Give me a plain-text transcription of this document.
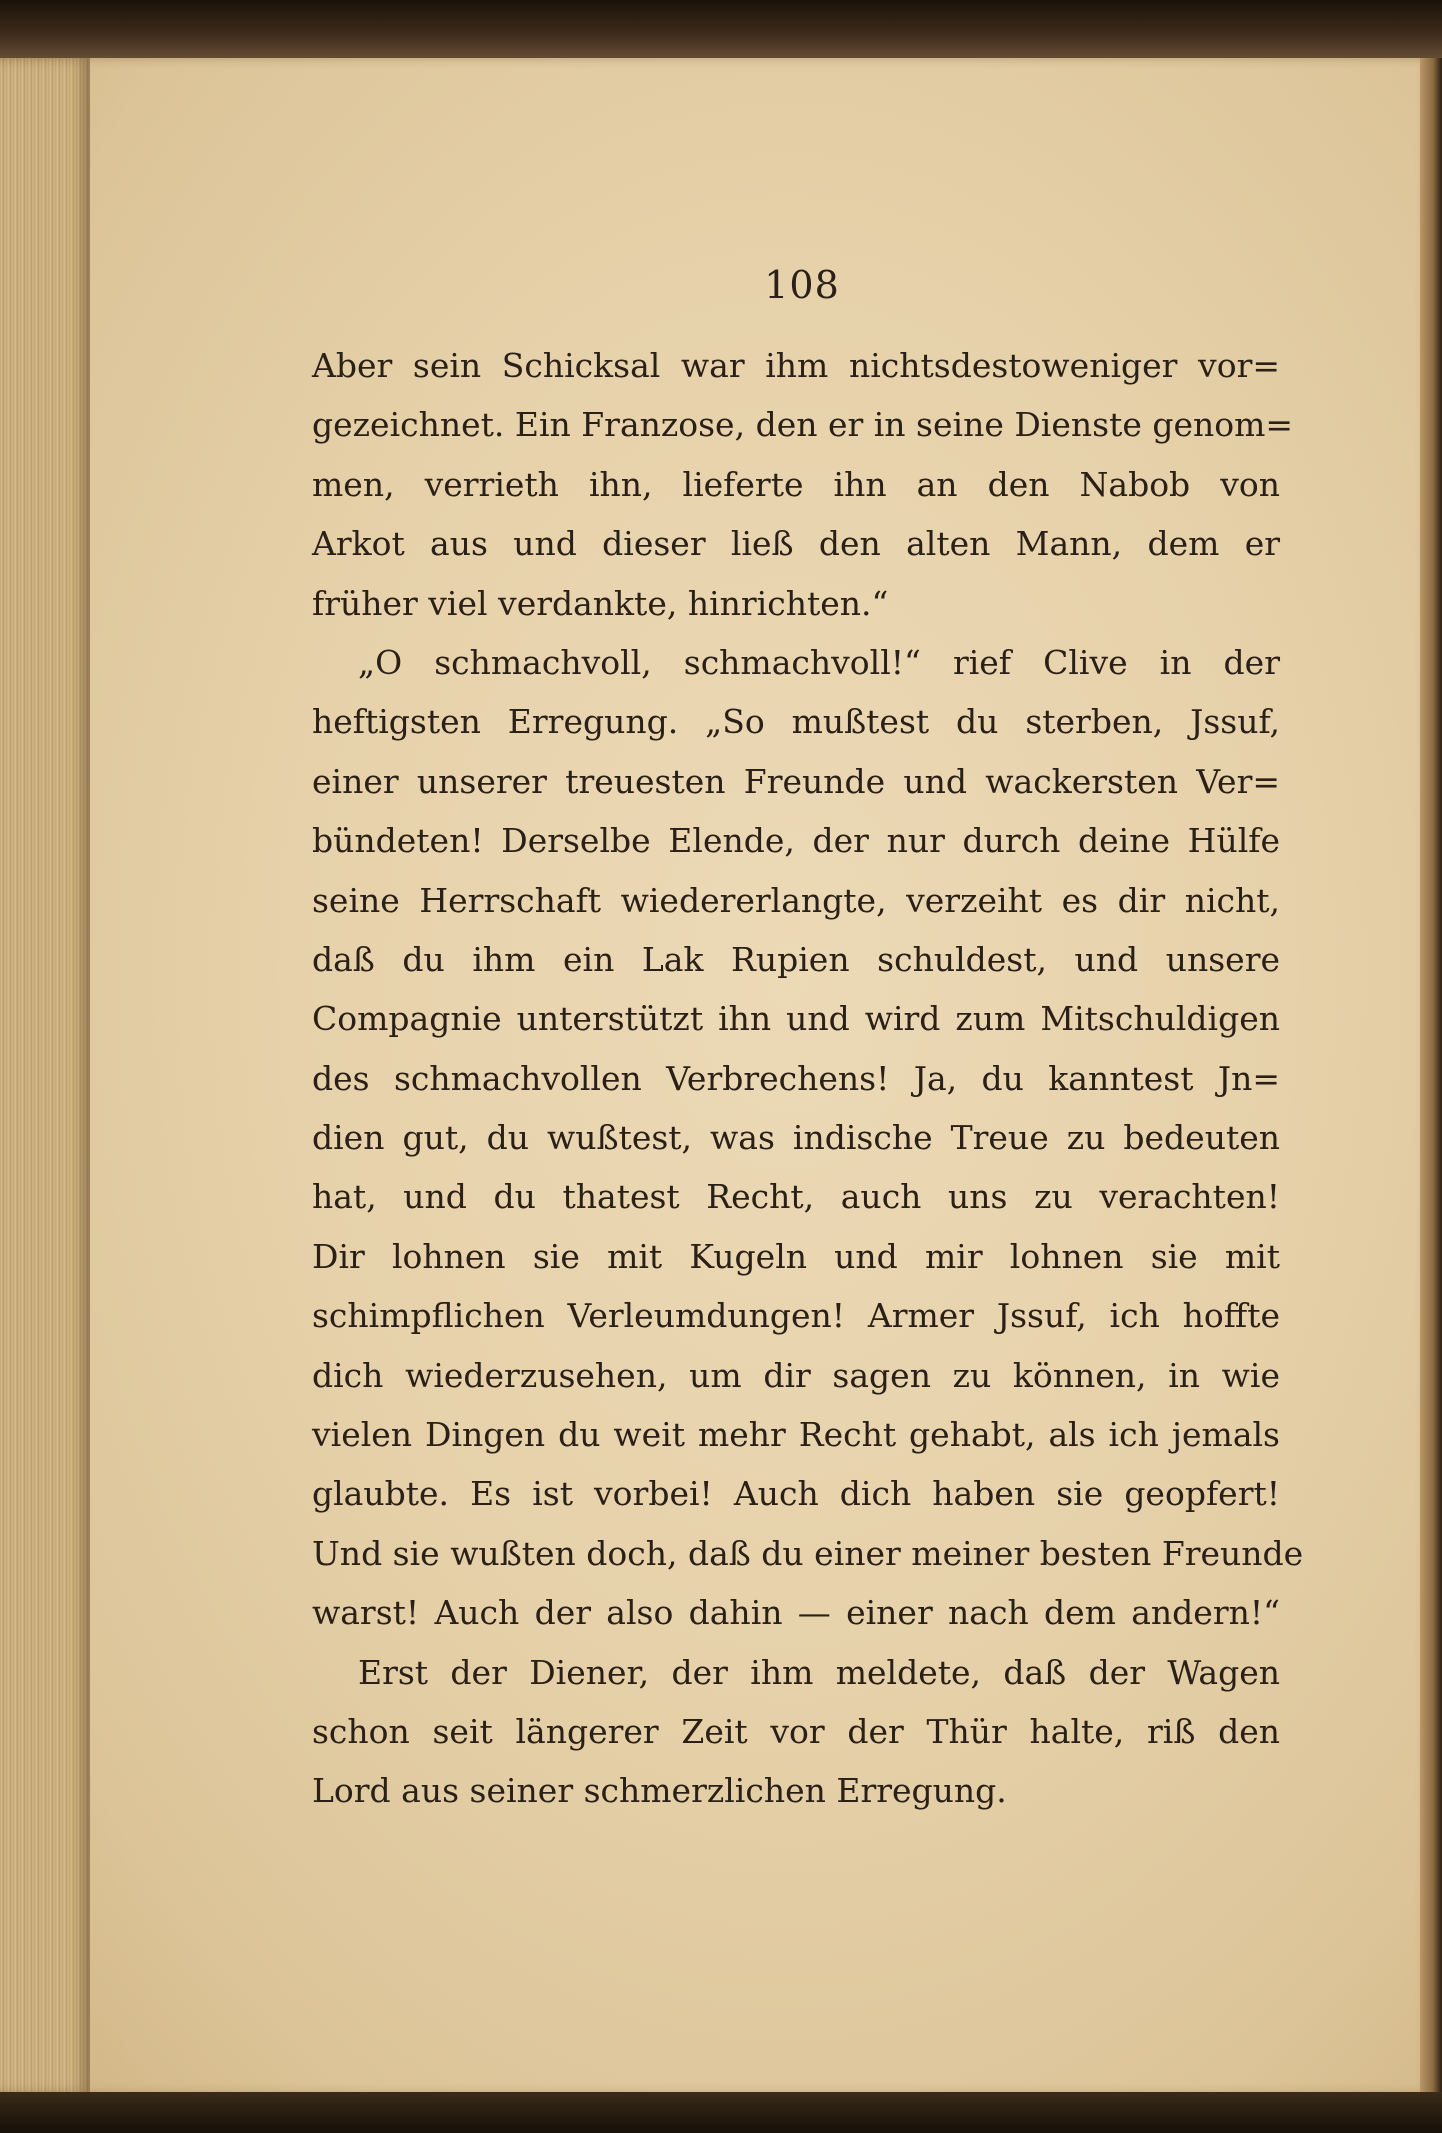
108
Aber sein Schicksal war ihm nichtsdestoweniger vor=
gezeichnet. Ein Franzose, den er in seine Dienste genom=
men, verrieth ihn, lieferte ihn an den Nabob von
Arkot aus und dieser ließ den alten Mann, dem er
früher viel verdankte, hinrichten.“
„O schmachvoll, schmachvoll!“ rief Clive in der
heftigsten Erregung. „So mußtest du sterben, Jssuf,
einer unserer treuesten Freunde und wackersten Ver=
bündeten! Derselbe Elende, der nur durch deine Hülfe
seine Herrschaft wiedererlangte, verzeiht es dir nicht,
daß du ihm ein Lak Rupien schuldest, und unsere
Compagnie unterstützt ihn und wird zum Mitschuldigen
des schmachvollen Verbrechens! Ja, du kanntest Jn=
dien gut, du wußtest, was indische Treue zu bedeuten
hat, und du thatest Recht, auch uns zu verachten!
Dir lohnen sie mit Kugeln und mir lohnen sie mit
schimpflichen Verleumdungen! Armer Jssuf, ich hoffte
dich wiederzusehen, um dir sagen zu können, in wie
vielen Dingen du weit mehr Recht gehabt, als ich jemals
glaubte. Es ist vorbei! Auch dich haben sie geopfert!
Und sie wußten doch, daß du einer meiner besten Freunde
warst! Auch der also dahin — einer nach dem andern!“
Erst der Diener, der ihm meldete, daß der Wagen
schon seit längerer Zeit vor der Thür halte, riß den
Lord aus seiner schmerzlichen Erregung.
